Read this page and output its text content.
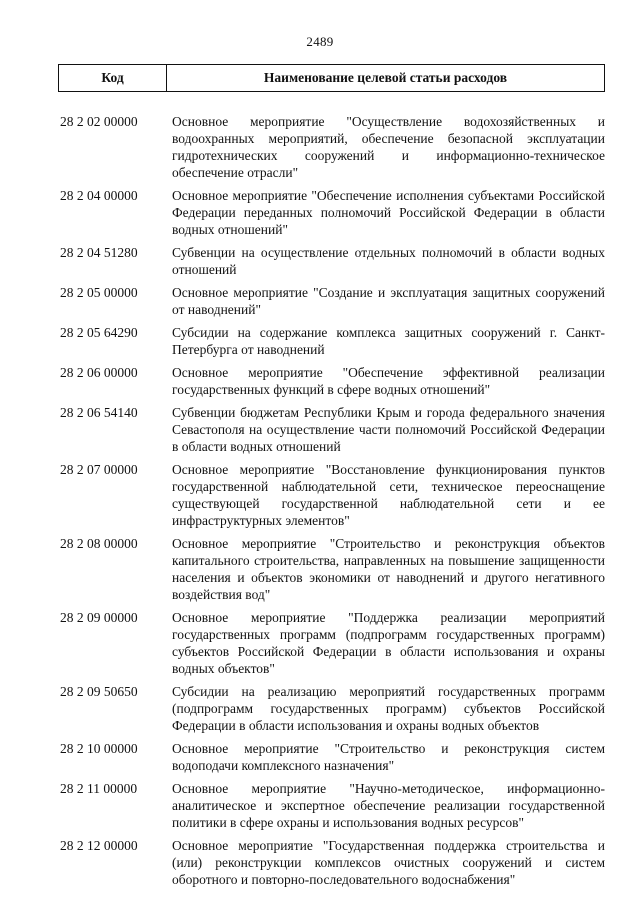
2489
Код	Наименование целевой статьи расходов
28 2 02 00000	Основное мероприятие "Осуществление водохозяйственных и водоохранных мероприятий, обеспечение безопасной эксплуатации гидротехнических сооружений и информационно-техническое обеспечение отрасли"
28 2 04 00000	Основное мероприятие "Обеспечение исполнения субъектами Российской Федерации переданных полномочий Российской Федерации в области водных отношений"
28 2 04 51280	Субвенции на осуществление отдельных полномочий в области водных отношений
28 2 05 00000	Основное мероприятие "Создание и эксплуатация защитных сооружений от наводнений"
28 2 05 64290	Субсидии на содержание комплекса защитных сооружений г. Санкт-Петербурга от наводнений
28 2 06 00000	Основное мероприятие "Обеспечение эффективной реализации государственных функций в сфере водных отношений"
28 2 06 54140	Субвенции бюджетам Республики Крым и города федерального значения Севастополя на осуществление части полномочий Российской Федерации в области водных отношений
28 2 07 00000	Основное мероприятие "Восстановление функционирования пунктов государственной наблюдательной сети, техническое переоснащение существующей государственной наблюдательной сети и ее инфраструктурных элементов"
28 2 08 00000	Основное мероприятие "Строительство и реконструкция объектов капитального строительства, направленных на повышение защищенности населения и объектов экономики от наводнений и другого негативного воздействия вод"
28 2 09 00000	Основное мероприятие "Поддержка реализации мероприятий государственных программ (подпрограмм государственных программ) субъектов Российской Федерации в области использования и охраны водных объектов"
28 2 09 50650	Субсидии на реализацию мероприятий государственных программ (подпрограмм государственных программ) субъектов Российской Федерации в области использования и охраны водных объектов
28 2 10 00000	Основное мероприятие "Строительство и реконструкция систем водоподачи комплексного назначения"
28 2 11 00000	Основное мероприятие "Научно-методическое, информационно-аналитическое и экспертное обеспечение реализации государственной политики в сфере охраны и использования водных ресурсов"
28 2 12 00000	Основное мероприятие "Государственная поддержка строительства и (или) реконструкции комплексов очистных сооружений и систем оборотного и повторно-последовательного водоснабжения"
